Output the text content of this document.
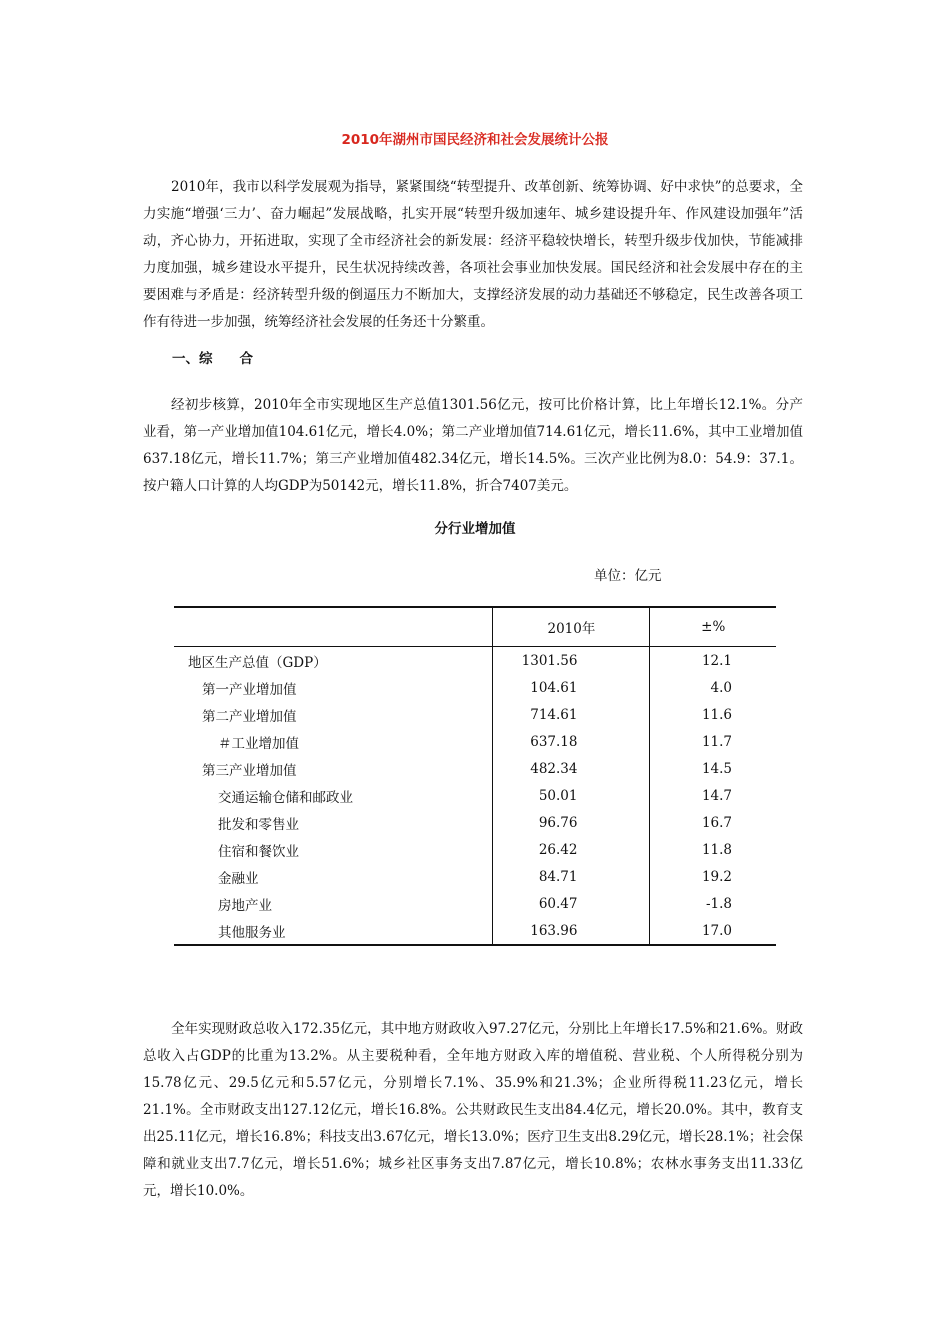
2010年湖州市国民经济和社会发展统计公报

2010年，我市以科学发展观为指导，紧紧围绕“转型提升、改革创新、统筹协调、好中求快”的总要求，全力实施“增强‘三力’、奋力崛起”发展战略，扎实开展“转型升级加速年、城乡建设提升年、作风建设加强年”活动，齐心协力，开拓进取，实现了全市经济社会的新发展：经济平稳较快增长，转型升级步伐加快，节能减排力度加强，城乡建设水平提升，民生状况持续改善，各项社会事业加快发展。国民经济和社会发展中存在的主要困难与矛盾是：经济转型升级的倒逼压力不断加大，支撑经济发展的动力基础还不够稳定，民生改善各项工作有待进一步加强，统筹经济社会发展的任务还十分繁重。

一、综　　合

经初步核算，2010年全市实现地区生产总值1301.56亿元，按可比价格计算，比上年增长12.1%。分产业看，第一产业增加值104.61亿元，增长4.0%；第二产业增加值714.61亿元，增长11.6%，其中工业增加值637.18亿元，增长11.7%；第三产业增加值482.34亿元，增长14.5%。三次产业比例为8.0：54.9：37.1。按户籍人口计算的人均GDP为50142元，增长11.8%，折合7407美元。

分行业增加值
单位：亿元
	2010年	±%
地区生产总值（GDP）	1301.56	12.1
第一产业增加值	104.61	4.0
第二产业增加值	714.61	11.6
＃工业增加值	637.18	11.7
第三产业增加值	482.34	14.5
交通运输仓储和邮政业	50.01	14.7
批发和零售业	96.76	16.7
住宿和餐饮业	26.42	11.8
金融业	84.71	19.2
房地产业	60.47	-1.8
其他服务业	163.96	17.0

全年实现财政总收入172.35亿元，其中地方财政收入97.27亿元，分别比上年增长17.5%和21.6%。财政总收入占GDP的比重为13.2%。从主要税种看，全年地方财政入库的增值税、营业税、个人所得税分别为15.78亿元、29.5亿元和5.57亿元，分别增长7.1%、35.9%和21.3%；企业所得税11.23亿元，增长21.1%。全市财政支出127.12亿元，增长16.8%。公共财政民生支出84.4亿元，增长20.0%。其中，教育支出25.11亿元，增长16.8%；科技支出3.67亿元，增长13.0%；医疗卫生支出8.29亿元，增长28.1%；社会保障和就业支出7.7亿元，增长51.6%；城乡社区事务支出7.87亿元，增长10.8%；农林水事务支出11.33亿元，增长10.0%。
